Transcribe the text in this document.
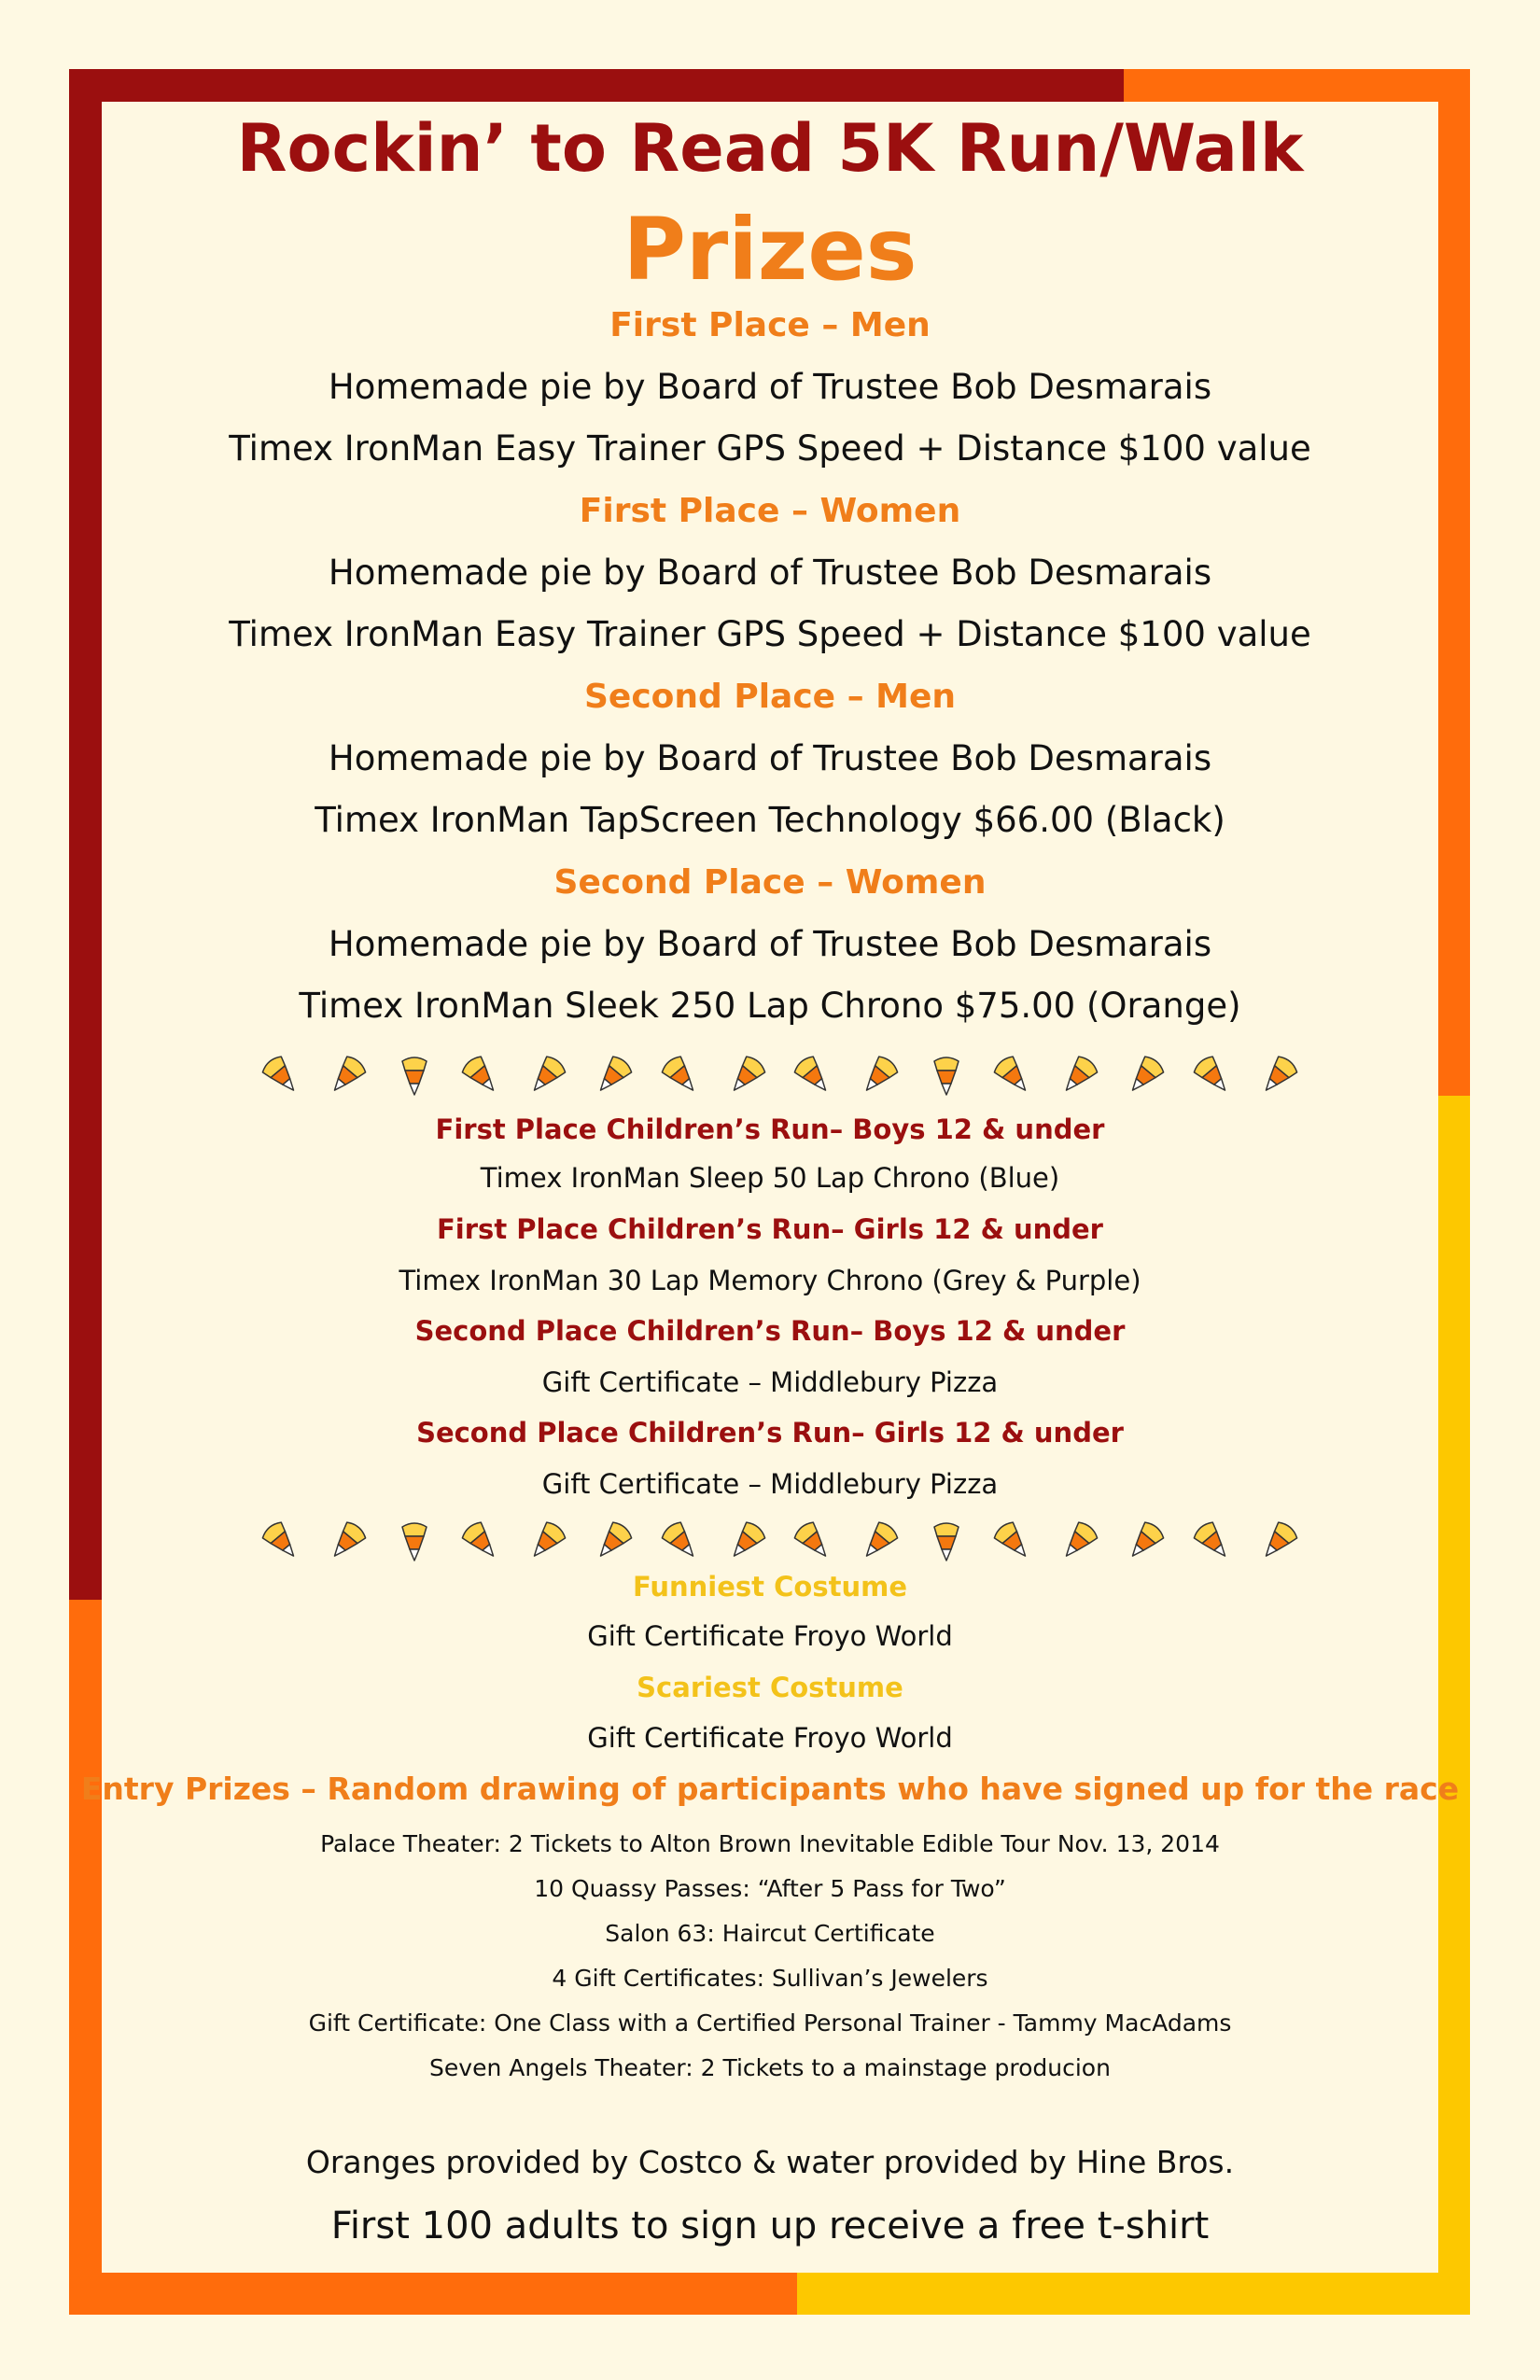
Rockin’ to Read 5K Run/Walk
Prizes
First Place – Men
Homemade pie by Board of Trustee Bob Desmarais
Timex IronMan Easy Trainer GPS Speed + Distance $100 value
First Place – Women
Homemade pie by Board of Trustee Bob Desmarais
Timex IronMan Easy Trainer GPS Speed + Distance $100 value
Second Place – Men
Homemade pie by Board of Trustee Bob Desmarais
Timex IronMan TapScreen Technology $66.00 (Black)
Second Place – Women
Homemade pie by Board of Trustee Bob Desmarais
Timex IronMan Sleek 250 Lap Chrono $75.00 (Orange)
First Place Children’s Run– Boys 12 & under
Timex IronMan Sleep 50 Lap Chrono (Blue)
First Place Children’s Run– Girls 12 & under
Timex IronMan 30 Lap Memory Chrono (Grey & Purple)
Second Place Children’s Run– Boys 12 & under
Gift Certificate – Middlebury Pizza
Second Place Children’s Run– Girls 12 & under
Gift Certificate – Middlebury Pizza
Funniest Costume
Gift Certificate Froyo World
Scariest Costume
Gift Certificate Froyo World
Entry Prizes – Random drawing of participants who have signed up for the race
Palace Theater: 2 Tickets to Alton Brown Inevitable Edible Tour Nov. 13, 2014
10 Quassy Passes: “After 5 Pass for Two”
Salon 63: Haircut Certificate
4 Gift Certificates: Sullivan’s Jewelers
Gift Certificate: One Class with a Certified Personal Trainer - Tammy MacAdams
Seven Angels Theater: 2 Tickets to a mainstage producion
Oranges provided by Costco & water provided by Hine Bros.
First 100 adults to sign up receive a free t-shirt
